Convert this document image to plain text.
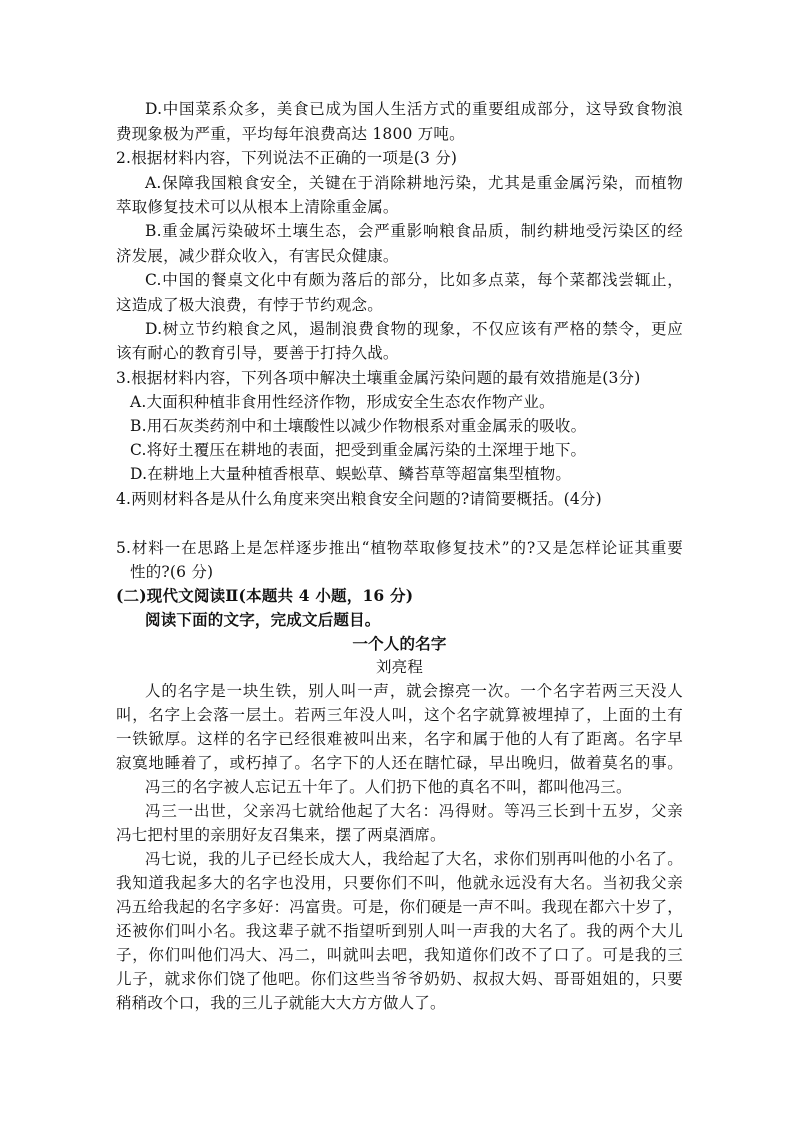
D.中国菜系众多，美食已成为国人生活方式的重要组成部分，这导致食物浪
费现象极为严重，平均每年浪费高达 1800 万吨。
2.根据材料内容，下列说法不正确的一项是(3 分)
A.保障我国粮食安全，关键在于消除耕地污染，尤其是重金属污染，而植物
萃取修复技术可以从根本上清除重金属。
B.重金属污染破坏土壤生态，会严重影响粮食品质，制约耕地受污染区的经
济发展，减少群众收入，有害民众健康。
C.中国的餐桌文化中有颇为落后的部分，比如多点菜，每个菜都浅尝辄止，
这造成了极大浪费，有悖于节约观念。
D.树立节约粮食之风，遏制浪费食物的现象，不仅应该有严格的禁令，更应
该有耐心的教育引导，要善于打持久战。
3.根据材料内容，下列各项中解决土壤重金属污染问题的最有效措施是(3分)
A.大面积种植非食用性经济作物，形成安全生态农作物产业。
B.用石灰类药剂中和土壤酸性以减少作物根系对重金属汞的吸收。
C.将好土覆压在耕地的表面，把受到重金属污染的土深埋于地下。
D.在耕地上大量种植香根草、蜈蚣草、鳞苔草等超富集型植物。
4.两则材料各是从什么角度来突出粮食安全问题的?请简要概括。(4分)
5.材料一在思路上是怎样逐步推出“植物萃取修复技术”的?又是怎样论证其重要
性的?(6 分)
(二)现代文阅读Ⅱ(本题共 4 小题，16 分)
阅读下面的文字，完成文后题目。
一个人的名字
刘亮程
人的名字是一块生铁，别人叫一声，就会擦亮一次。一个名字若两三天没人
叫，名字上会落一层土。若两三年没人叫，这个名字就算被埋掉了，上面的土有
一铁锨厚。这样的名字已经很难被叫出来，名字和属于他的人有了距离。名字早
寂寞地睡着了，或朽掉了。名字下的人还在瞎忙碌，早出晚归，做着莫名的事。
冯三的名字被人忘记五十年了。人们扔下他的真名不叫，都叫他冯三。
冯三一出世，父亲冯七就给他起了大名：冯得财。等冯三长到十五岁，父亲
冯七把村里的亲朋好友召集来，摆了两桌酒席。
冯七说，我的儿子已经长成大人，我给起了大名，求你们别再叫他的小名了。
我知道我起多大的名字也没用，只要你们不叫，他就永远没有大名。当初我父亲
冯五给我起的名字多好：冯富贵。可是，你们硬是一声不叫。我现在都六十岁了，
还被你们叫小名。我这辈子就不指望听到别人叫一声我的大名了。我的两个大儿
子，你们叫他们冯大、冯二，叫就叫去吧，我知道你们改不了口了。可是我的三
儿子，就求你们饶了他吧。你们这些当爷爷奶奶、叔叔大妈、哥哥姐姐的，只要
稍稍改个口，我的三儿子就能大大方方做人了。
